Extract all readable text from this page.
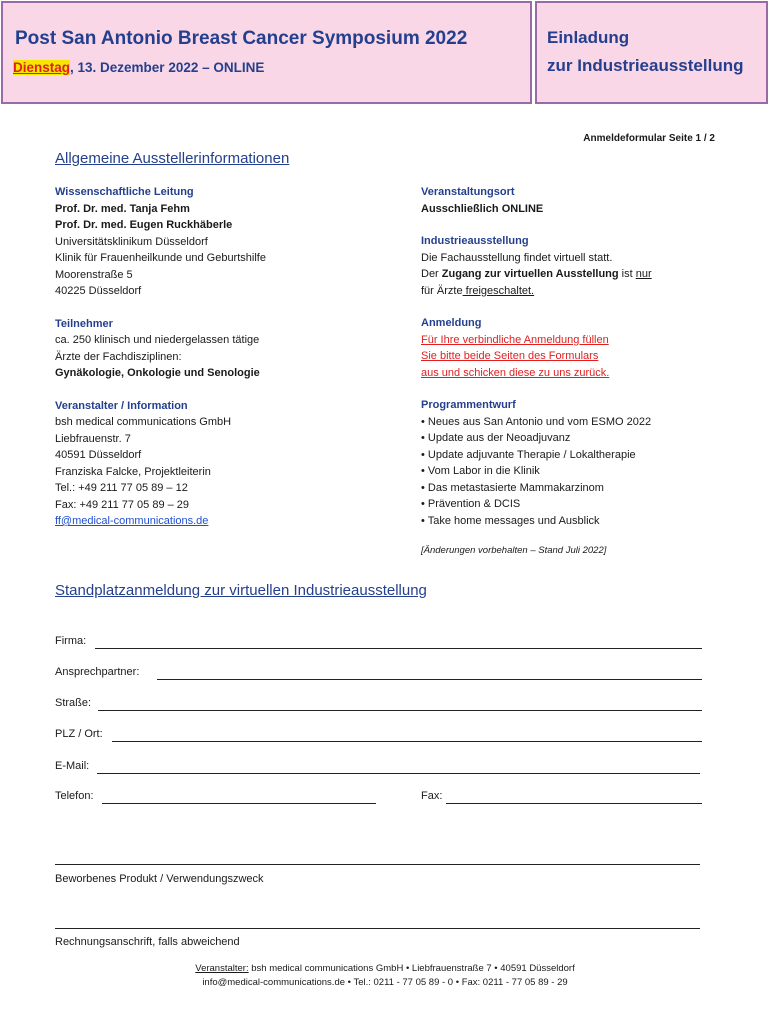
Post San Antonio Breast Cancer Symposium 2022
Dienstag, 13. Dezember 2022 – ONLINE
Einladung
zur Industrieausstellung
Anmeldeformular Seite 1 / 2
Allgemeine Ausstellerinformationen
Wissenschaftliche Leitung
Prof. Dr. med. Tanja Fehm
Prof. Dr. med. Eugen Ruckhäberle
Universitätsklinikum Düsseldorf
Klinik für Frauenheilkunde und Geburtshilfe
Moorenstraße 5
40225 Düsseldorf
Teilnehmer
ca. 250 klinisch und niedergelassen tätige
Ärzte der Fachdisziplinen:
Gynäkologie, Onkologie und Senologie
Veranstalter / Information
bsh medical communications GmbH
Liebfrauenstr. 7
40591 Düsseldorf
Franziska Falcke, Projektleiterin
Tel.: +49 211 77 05 89 – 12
Fax: +49 211 77 05 89 – 29
ff@medical-communications.de
Veranstaltungsort
Ausschließlich ONLINE
Industrieausstellung
Die Fachausstellung findet virtuell statt.
Der Zugang zur virtuellen Ausstellung ist nur
für Ärzte freigeschaltet.
Anmeldung
Für Ihre verbindliche Anmeldung füllen
Sie bitte beide Seiten des Formulars
aus und schicken diese zu uns zurück.
Programmentwurf
• Neues aus San Antonio und vom ESMO 2022
• Update aus der Neoadjuvanz
• Update adjuvante Therapie / Lokaltherapie
• Vom Labor in die Klinik
• Das metastasierte Mammakarzinom
• Prävention & DCIS
• Take home messages und Ausblick
[Änderungen vorbehalten – Stand Juli 2022]
Standplatzanmeldung zur virtuellen Industrieausstellung
Firma:
Ansprechpartner:
Straße:
PLZ / Ort:
E-Mail:
Telefon:	Fax:
Beworbenes Produkt / Verwendungszweck
Rechnungsanschrift, falls abweichend
Veranstalter: bsh medical communications GmbH • Liebfrauenstraße 7 • 40591 Düsseldorf
info@medical-communications.de • Tel.: 0211 - 77 05 89 - 0 • Fax: 0211 - 77 05 89 - 29
